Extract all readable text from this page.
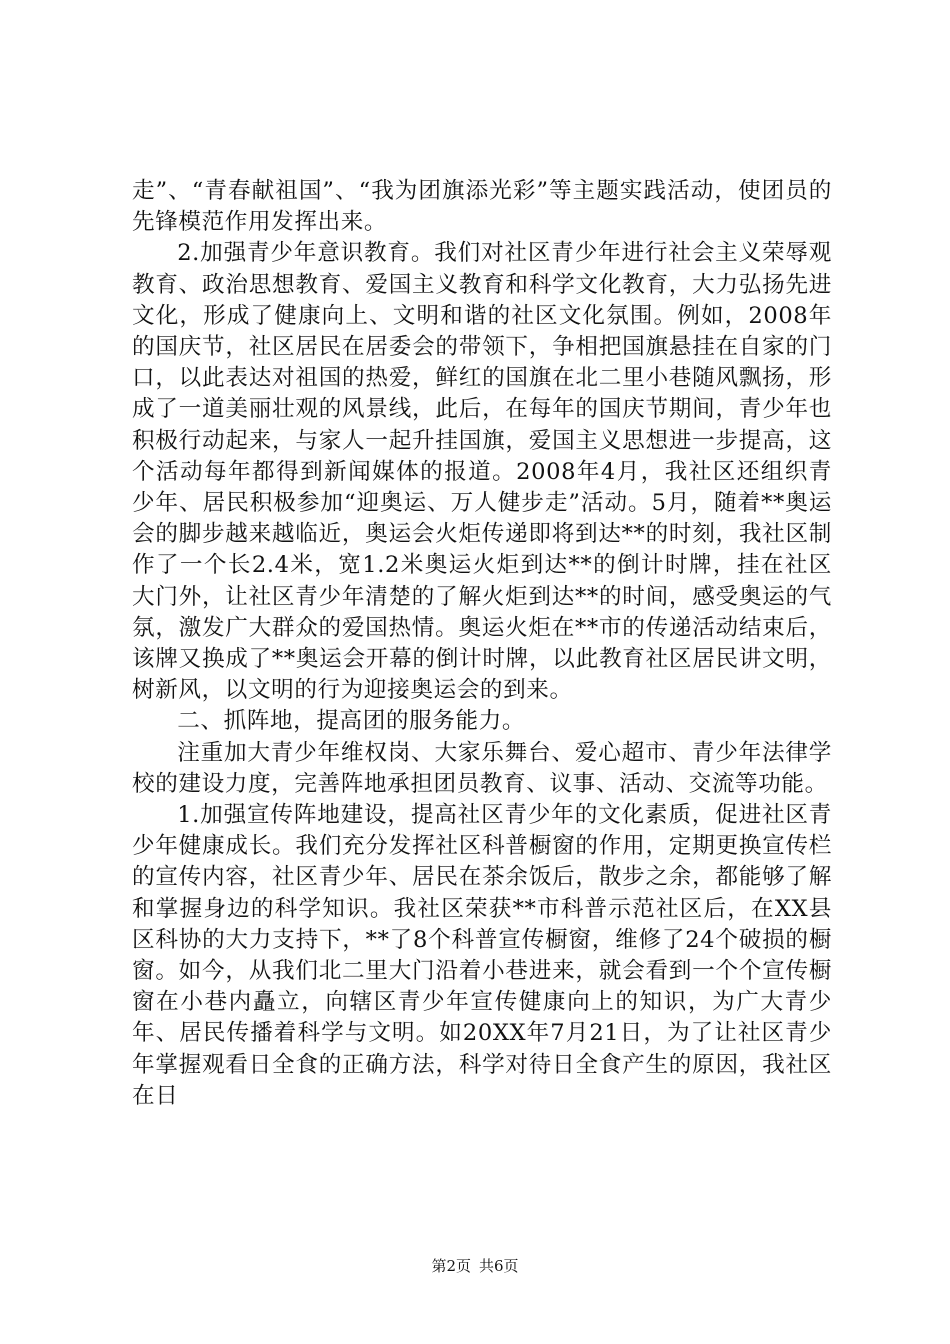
走”、“青春献祖国”、“我为团旗添光彩”等主题实践活动，使团员的先锋模范作用发挥出来。

2.加强青少年意识教育。我们对社区青少年进行社会主义荣辱观教育、政治思想教育、爱国主义教育和科学文化教育，大力弘扬先进文化，形成了健康向上、文明和谐的社区文化氛围。例如，2008年的国庆节，社区居民在居委会的带领下，争相把国旗悬挂在自家的门口，以此表达对祖国的热爱，鲜红的国旗在北二里小巷随风飘扬，形成了一道美丽壮观的风景线，此后，在每年的国庆节期间，青少年也积极行动起来，与家人一起升挂国旗，爱国主义思想进一步提高，这个活动每年都得到新闻媒体的报道。2008年4月，我社区还组织青少年、居民积极参加“迎奥运、万人健步走”活动。5月，随着**奥运会的脚步越来越临近，奥运会火炬传递即将到达**的时刻，我社区制作了一个长2.4米，宽1.2米奥运火炬到达**的倒计时牌，挂在社区大门外，让社区青少年清楚的了解火炬到达**的时间，感受奥运的气氛，激发广大群众的爱国热情。奥运火炬在**市的传递活动结束后，该牌又换成了**奥运会开幕的倒计时牌，以此教育社区居民讲文明，树新风，以文明的行为迎接奥运会的到来。

二、抓阵地，提高团的服务能力。

注重加大青少年维权岗、大家乐舞台、爱心超市、青少年法律学校的建设力度，完善阵地承担团员教育、议事、活动、交流等功能。

1.加强宣传阵地建设，提高社区青少年的文化素质，促进社区青少年健康成长。我们充分发挥社区科普橱窗的作用，定期更换宣传栏的宣传内容，社区青少年、居民在茶余饭后，散步之余，都能够了解和掌握身边的科学知识。我社区荣获**市科普示范社区后，在XX县区科协的大力支持下，**了8个科普宣传橱窗，维修了24个破损的橱窗。如今，从我们北二里大门沿着小巷进来，就会看到一个个宣传橱窗在小巷内矗立，向辖区青少年宣传健康向上的知识，为广大青少年、居民传播着科学与文明。如20XX年7月21日，为了让社区青少年掌握观看日全食的正确方法，科学对待日全食产生的原因，我社区在日

第2页 共6页
